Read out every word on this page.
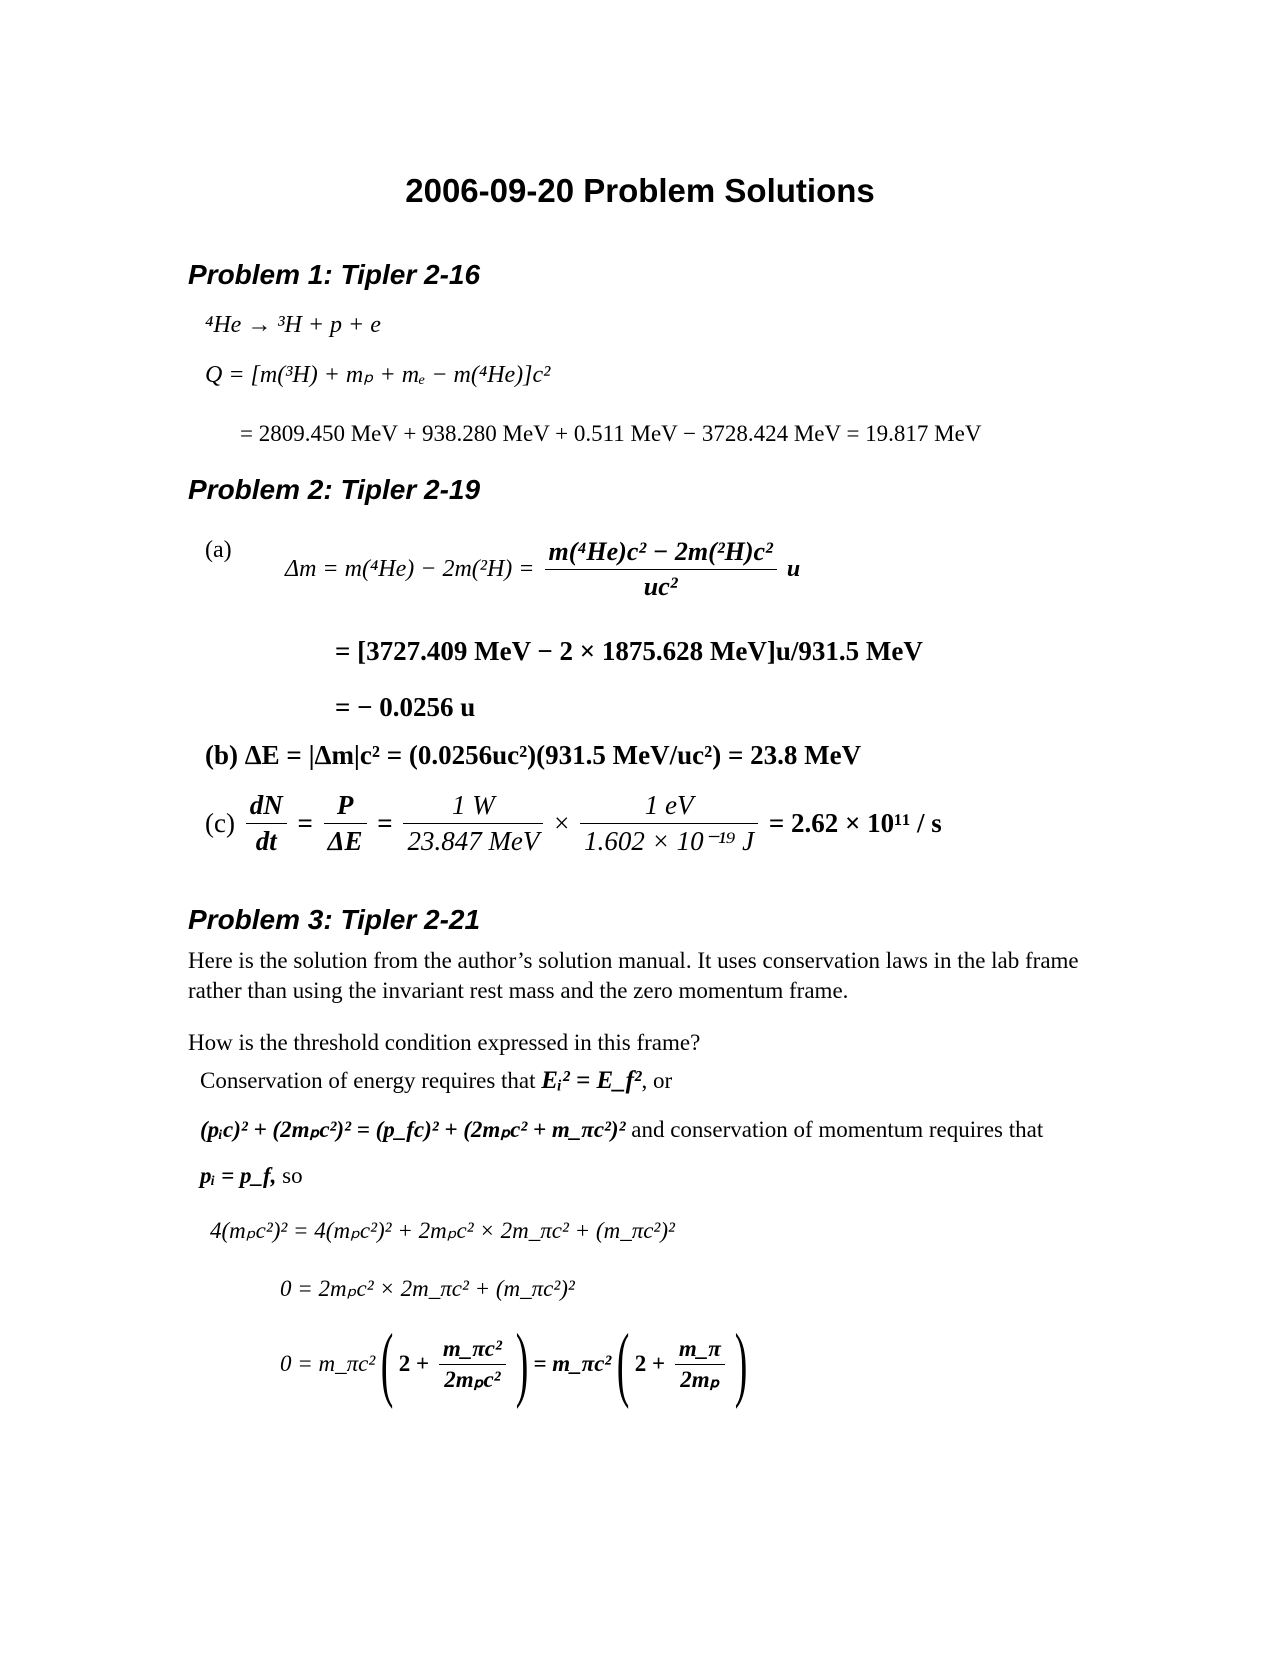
2006-09-20 Problem Solutions
Problem 1: Tipler 2-16
⁴He → ³H + p + e
Q = [m(³H) + mₚ + mₑ − m(⁴He)]c²
= 2809.450 MeV + 938.280 MeV + 0.511 MeV − 3728.424 MeV = 19.817 MeV
Problem 2: Tipler 2-19
(a)
$\Delta m = m(^4He) - 2m(^2H) = \frac{\text{m(⁴He)c² − 2m(²H)c²}}{\text{uc²}}$ u
= [3727.409 MeV − 2 × 1875.628 MeV]u/931.5 MeV
= − 0.0256 u
(b) ΔE = |Δm|c² = (0.0256uc²)(931.5 MeV/uc²) = 23.8 MeV
$(c) \frac{dN}{dt} = \frac{P}{\Delta E} = \frac{1 W}{\text{23.847 MeV}} \times \frac{1 eV}{\text{1.602 × 10⁻¹⁹ J}} = 2.62 \times 10^{11} / s$
Problem 3: Tipler 2-21
Here is the solution from the author’s solution manual. It uses conservation laws in the lab frame rather than using the invariant rest mass and the zero momentum frame.
How is the threshold condition expressed in this frame?
Conservation of energy requires that Eᵢ² = E_f², or
(pᵢc)² + (2mₚc²)² = (p_fc)² + (2mₚc² + m_πc²)² and conservation of momentum requires that
pᵢ = p_f, so
4(mₚc²)² = 4(mₚc²)² + 2mₚc² × 2m_πc² + (m_πc²)²
0 = 2mₚc² × 2m_πc² + (m_πc²)²
0 = m_πc² ( $2 + \frac{\text{m\_πc²}}{\text{2mₚc²}}$ ) = m_πc² ( $2 + \frac{m\_\pi}{\text{2mₚ}}$ )
